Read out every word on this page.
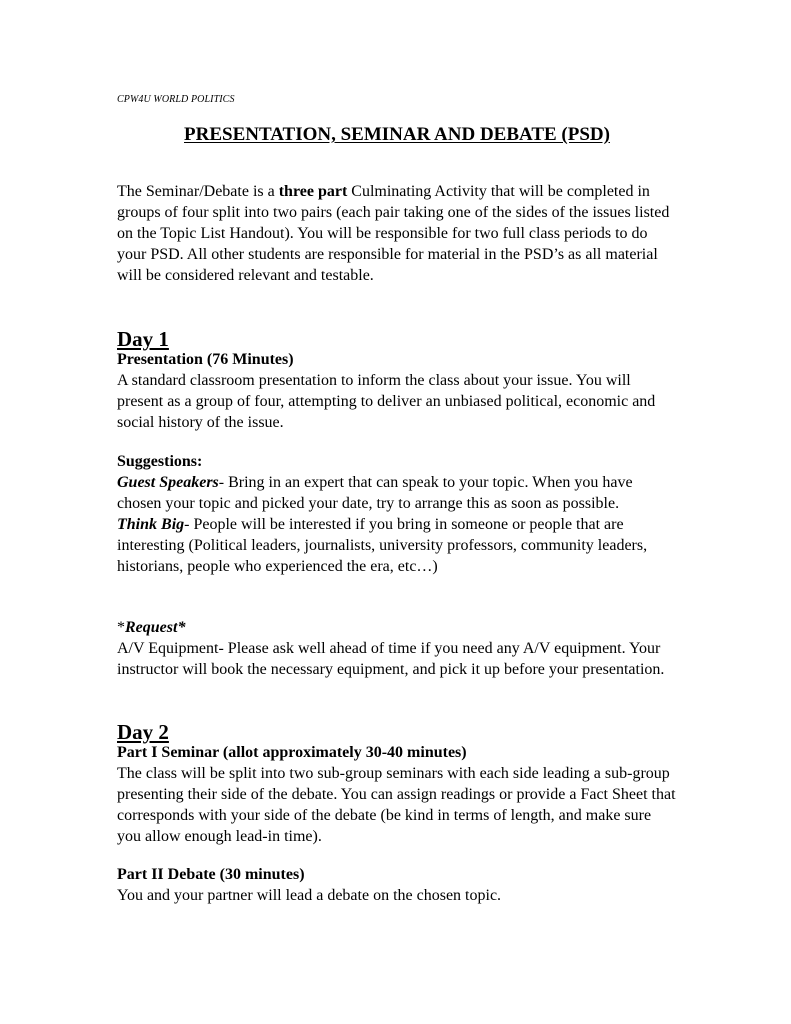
CPW4U WORLD POLITICS
PRESENTATION, SEMINAR AND DEBATE (PSD)
The Seminar/Debate is a three part Culminating Activity that will be completed in groups of four split into two pairs (each pair taking one of the sides of the issues listed on the Topic List Handout). You will be responsible for two full class periods to do your PSD. All other students are responsible for material in the PSD’s as all material will be considered relevant and testable.
Day 1

Presentation (76 Minutes)

A standard classroom presentation to inform the class about your issue. You will present as a group of four, attempting to deliver an unbiased political, economic and social history of the issue.

Suggestions:

Guest Speakers- Bring in an expert that can speak to your topic. When you have chosen your topic and picked your date, try to arrange this as soon as possible.

Think Big- People will be interested if you bring in someone or people that are interesting (Political leaders, journalists, university professors, community leaders, historians, people who experienced the era, etc…)

*Request*

A/V Equipment- Please ask well ahead of time if you need any A/V equipment. Your instructor will book the necessary equipment, and pick it up before your presentation.

Day 2

Part I Seminar (allot approximately 30-40 minutes)

The class will be split into two sub-group seminars with each side leading a sub-group presenting their side of the debate. You can assign readings or provide a Fact Sheet that corresponds with your side of the debate (be kind in terms of length, and make sure you allow enough lead-in time).

Part II Debate (30 minutes)

You and your partner will lead a debate on the chosen topic.
